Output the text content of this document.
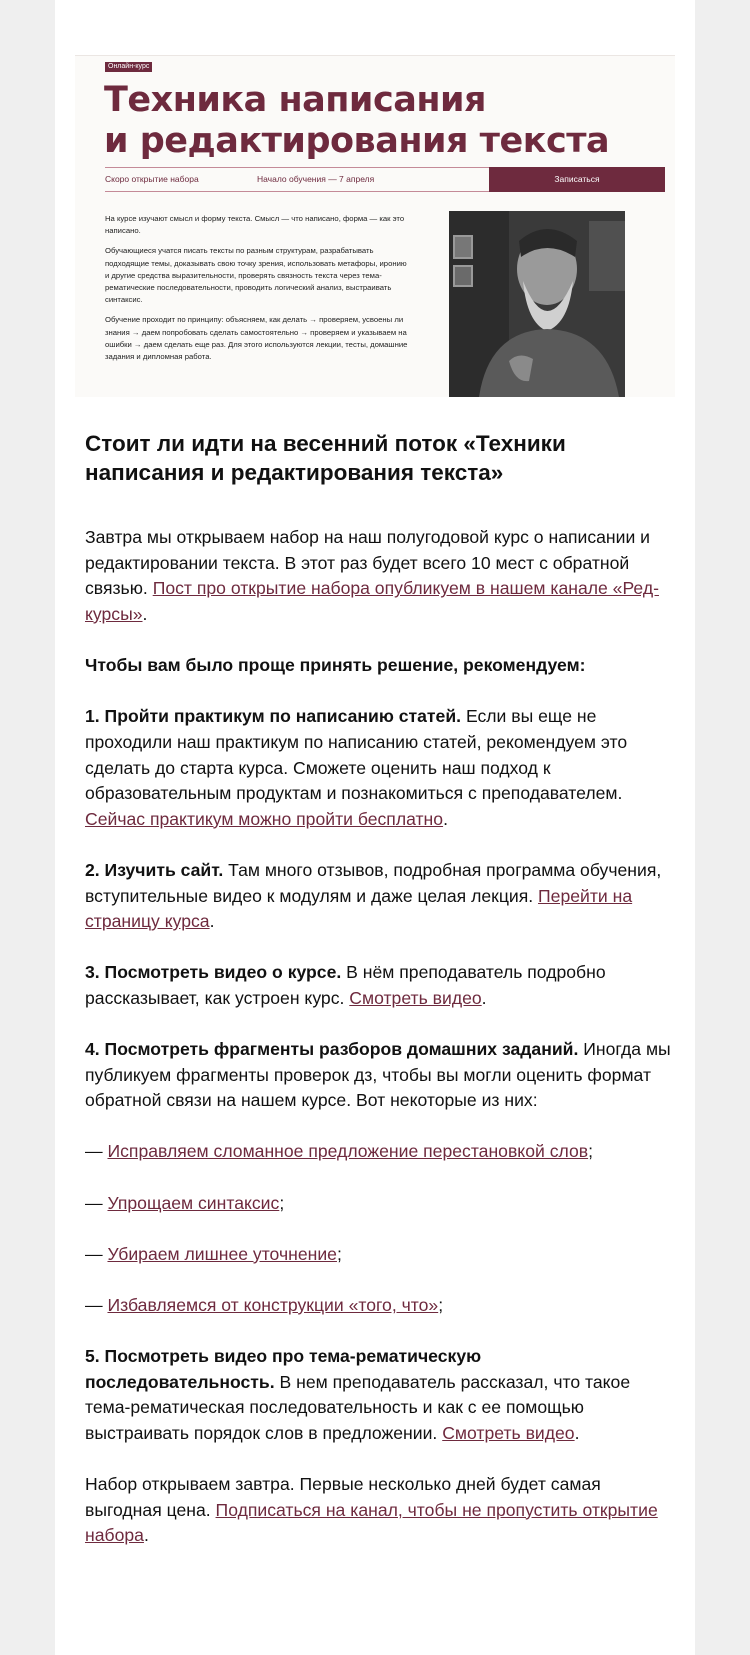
Онлайн-курс
Техника написания
и редактирования текста
Скоро открытие набора	Начало обучения — 7 апреля	Записаться

На курсе изучают смысл и форму текста. Смысл — что написано, форма — как это написано.

Обучающиеся учатся писать тексты по разным структурам, разрабатывать подходящие темы, доказывать свою точку зрения, использовать метафоры, иронию и другие средства выразительности, проверять связность текста через тема-рематические последовательности, проводить логический анализ, выстраивать синтаксис.

Обучение проходит по принципу: объясняем, как делать → проверяем, усвоены ли знания → даем попробовать сделать самостоятельно → проверяем и указываем на ошибки → даем сделать еще раз. Для этого используются лекции, тесты, домашние задания и дипломная работа.

Стоит ли идти на весенний поток «Техники написания и редактирования текста»

Завтра мы открываем набор на наш полугодовой курс о написании и редактировании текста. В этот раз будет всего 10 мест с обратной связью. Пост про открытие набора опубликуем в нашем канале «Ред-курсы».

Чтобы вам было проще принять решение, рекомендуем:

1. Пройти практикум по написанию статей. Если вы еще не проходили наш практикум по написанию статей, рекомендуем это сделать до старта курса. Сможете оценить наш подход к образовательным продуктам и познакомиться с преподавателем. Сейчас практикум можно пройти бесплатно.

2. Изучить сайт. Там много отзывов, подробная программа обучения, вступительные видео к модулям и даже целая лекция. Перейти на страницу курса.

3. Посмотреть видео о курсе. В нём преподаватель подробно рассказывает, как устроен курс. Смотреть видео.

4. Посмотреть фрагменты разборов домашних заданий. Иногда мы публикуем фрагменты проверок дз, чтобы вы могли оценить формат обратной связи на нашем курсе. Вот некоторые из них:

— Исправляем сломанное предложение перестановкой слов;

— Упрощаем синтаксис;

— Убираем лишнее уточнение;

— Избавляемся от конструкции «того, что»;

5. Посмотреть видео про тема-рематическую последовательность. В нем преподаватель рассказал, что такое тема-рематическая последовательность и как с ее помощью выстраивать порядок слов в предложении. Смотреть видео.

Набор открываем завтра. Первые несколько дней будет самая выгодная цена. Подписаться на канал, чтобы не пропустить открытие набора.
